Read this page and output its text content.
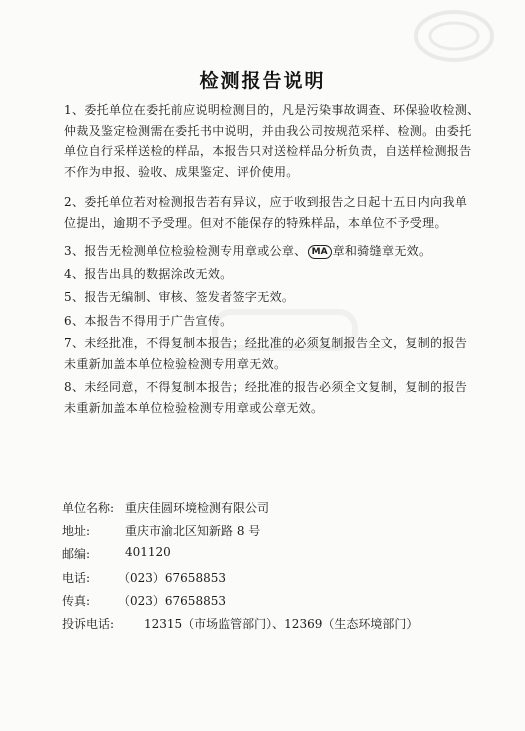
检测报告说明

1、委托单位在委托前应说明检测目的，凡是污染事故调查、环保验收检测、

仲裁及鉴定检测需在委托书中说明，并由我公司按规范采样、检测。由委托

单位自行采样送检的样品，本报告只对送检样品分析负责，自送样检测报告

不作为申报、验收、成果鉴定、评价使用。

2、委托单位若对检测报告若有异议，应于收到报告之日起十五日内向我单

位提出，逾期不予受理。但对不能保存的特殊样品，本单位不予受理。

3、报告无检测单位检验检测专用章或公章、 MA 章和骑缝章无效。

4、报告出具的数据涂改无效。

5、报告无编制、审核、签发者签字无效。

6、本报告不得用于广告宣传。

7、未经批准，不得复制本报告；经批准的必须复制报告全文，复制的报告

未重新加盖本单位检验检测专用章无效。

8、未经同意，不得复制本报告；经批准的报告必须全文复制，复制的报告

未重新加盖本单位检验检测专用章或公章无效。

单位名称: 重庆佳圆环境检测有限公司
地址:	重庆市渝北区知新路 8 号
邮编:	401120
电话: （023）67658853
传真: （023）67658853
投诉电话: 12315（市场监管部门）、12369（生态环境部门）
